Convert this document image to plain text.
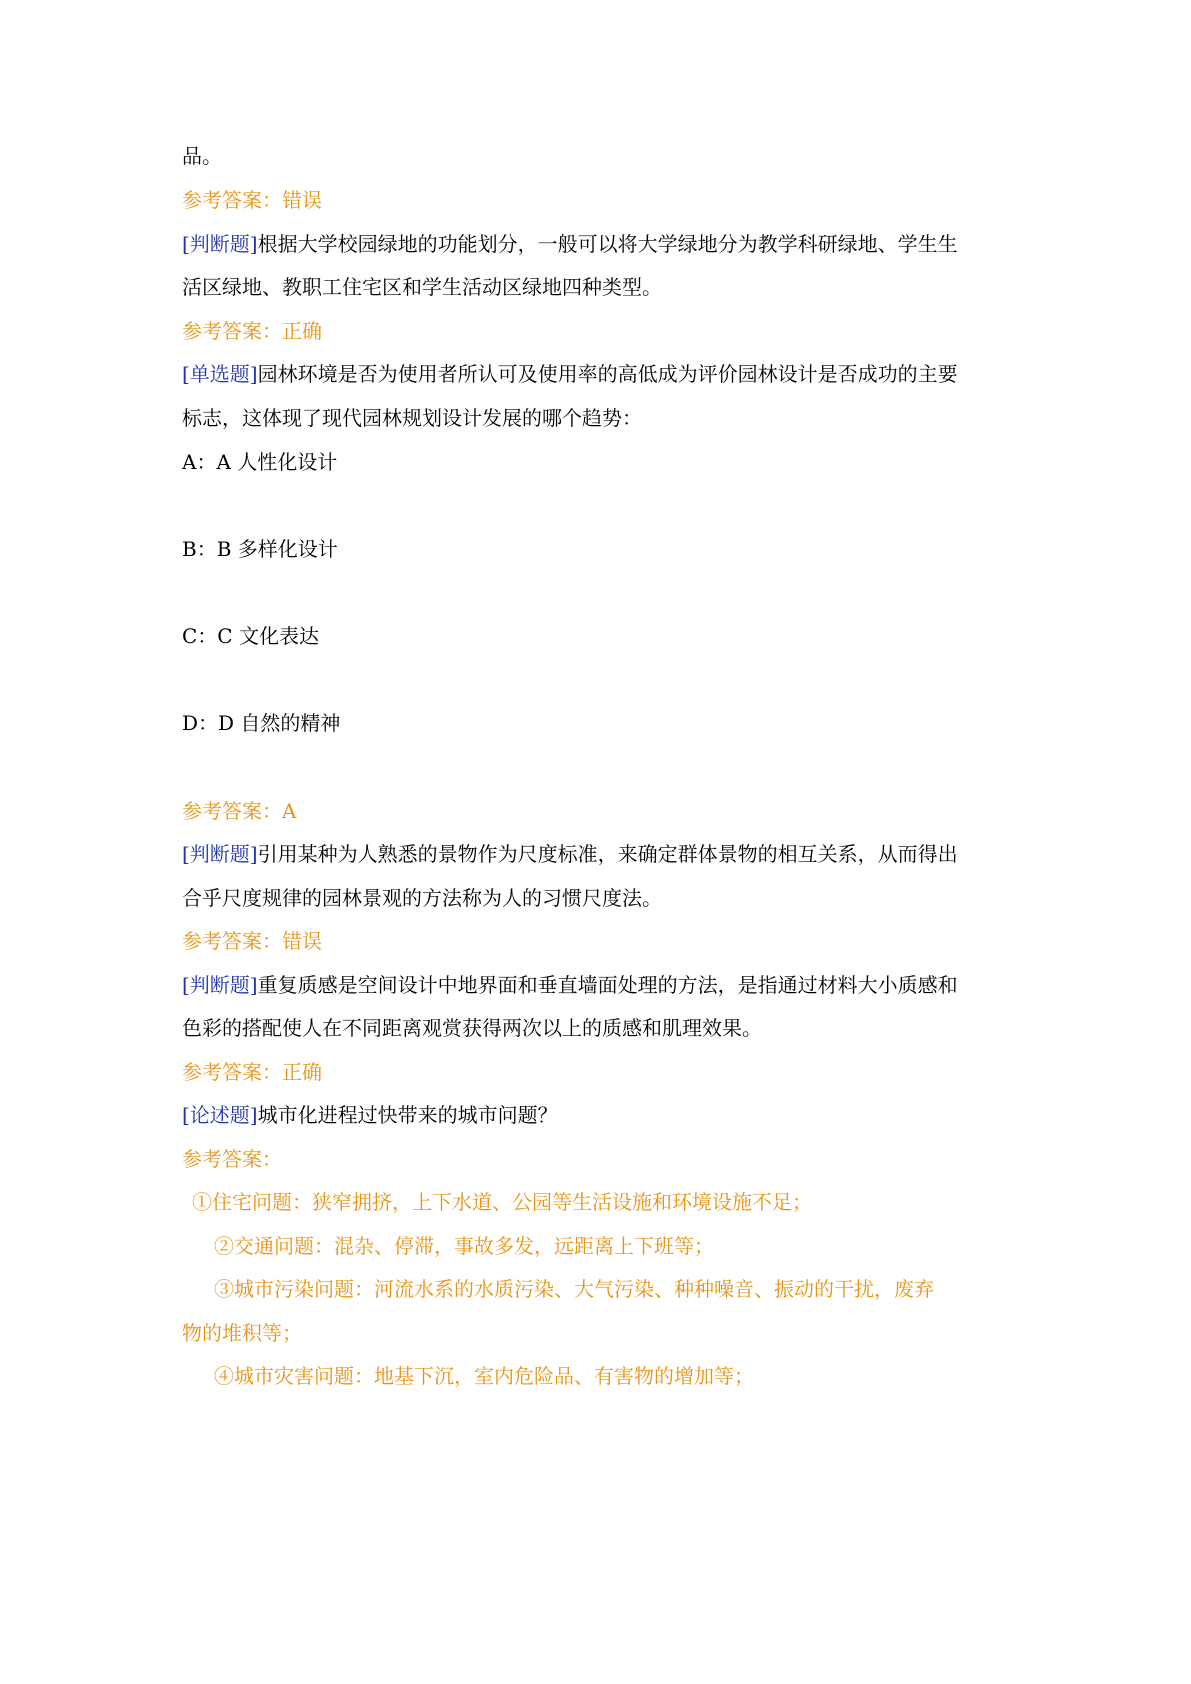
品。
参考答案：错误
[判断题]根据大学校园绿地的功能划分，一般可以将大学绿地分为教学科研绿地、学生生
活区绿地、教职工住宅区和学生活动区绿地四种类型。
参考答案：正确
[单选题]园林环境是否为使用者所认可及使用率的高低成为评价园林设计是否成功的主要
标志，这体现了现代园林规划设计发展的哪个趋势：
A：A 人性化设计
B：B 多样化设计
C：C 文化表达
D：D 自然的精神
参考答案：A
[判断题]引用某种为人熟悉的景物作为尺度标准，来确定群体景物的相互关系，从而得出
合乎尺度规律的园林景观的方法称为人的习惯尺度法。
参考答案：错误
[判断题]重复质感是空间设计中地界面和垂直墙面处理的方法，是指通过材料大小质感和
色彩的搭配使人在不同距离观赏获得两次以上的质感和肌理效果。
参考答案：正确
[论述题]城市化进程过快带来的城市问题？
参考答案：
①住宅问题：狭窄拥挤，上下水道、公园等生活设施和环境设施不足；
②交通问题：混杂、停滞，事故多发，远距离上下班等；
③城市污染问题：河流水系的水质污染、大气污染、种种噪音、振动的干扰，废弃
物的堆积等；
④城市灾害问题：地基下沉，室内危险品、有害物的增加等；
